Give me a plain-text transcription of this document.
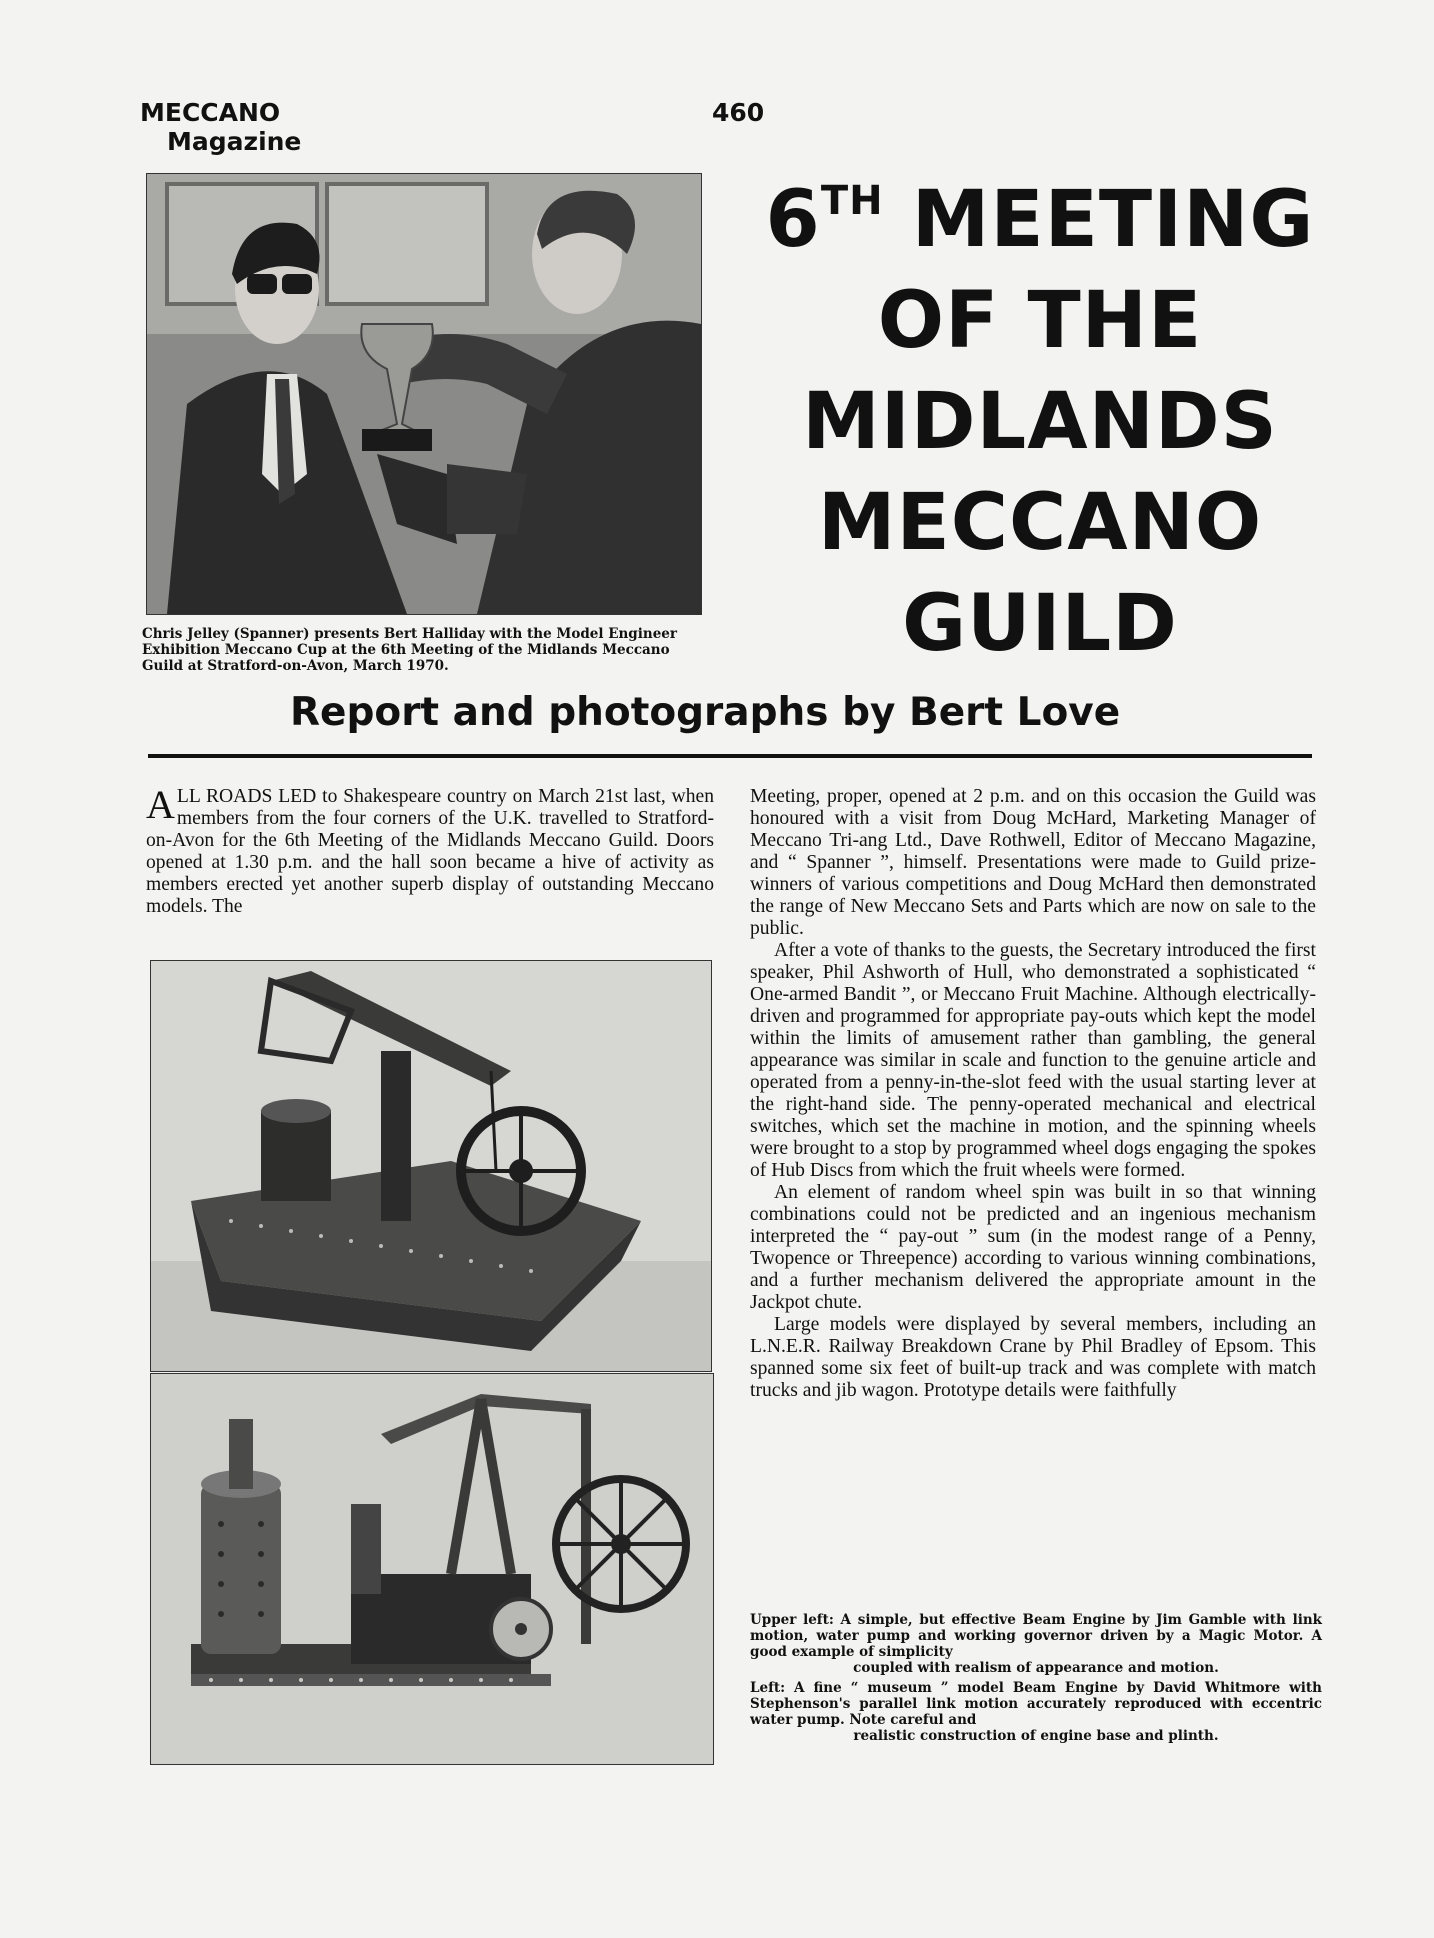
MECCANO
Magazine
460
Chris Jelley (Spanner) presents Bert Halliday with the Model Engineer Exhibition Meccano Cup at the 6th Meeting of the Midlands Meccano Guild at Stratford-on-Avon, March 1970.
6TH MEETING
OF THE
MIDLANDS
MECCANO
GUILD
Report and photographs by Bert Love

ALL ROADS LED to Shakespeare country on March 21st last, when members from the four corners of the U.K. travelled to Stratford-on-Avon for the 6th Meeting of the Midlands Meccano Guild. Doors opened at 1.30 p.m. and the hall soon became a hive of activity as members erected yet another superb display of outstanding Meccano models. The

Meeting, proper, opened at 2 p.m. and on this occasion the Guild was honoured with a visit from Doug McHard, Marketing Manager of Meccano Tri-ang Ltd., Dave Rothwell, Editor of Meccano Magazine, and “ Spanner ”, himself. Presentations were made to Guild prize-winners of various competitions and Doug McHard then demonstrated the range of New Meccano Sets and Parts which are now on sale to the public.

After a vote of thanks to the guests, the Secretary introduced the first speaker, Phil Ashworth of Hull, who demonstrated a sophisticated “ One-armed Bandit ”, or Meccano Fruit Machine. Although electrically-driven and programmed for appropriate pay-outs which kept the model within the limits of amusement rather than gambling, the general appearance was similar in scale and function to the genuine article and operated from a penny-in-the-slot feed with the usual starting lever at the right-hand side. The penny-operated mechanical and electrical switches, which set the machine in motion, and the spinning wheels were brought to a stop by programmed wheel dogs engaging the spokes of Hub Discs from which the fruit wheels were formed.

An element of random wheel spin was built in so that winning combinations could not be predicted and an ingenious mechanism interpreted the “ pay-out ” sum (in the modest range of a Penny, Twopence or Threepence) according to various winning combinations, and a further mechanism delivered the appropriate amount in the Jackpot chute.

Large models were displayed by several members, including an L.N.E.R. Railway Breakdown Crane by Phil Bradley of Epsom. This spanned some six feet of built-up track and was complete with match trucks and jib wagon. Prototype details were faithfully

Upper left: A simple, but effective Beam Engine by Jim Gamble with link motion, water pump and working governor driven by a Magic Motor. A good example of simplicity
coupled with realism of appearance and motion.
Left: A fine “ museum ” model Beam Engine by David Whitmore with Stephenson's parallel link motion accurately reproduced with eccentric water pump. Note careful and
realistic construction of engine base and plinth.
